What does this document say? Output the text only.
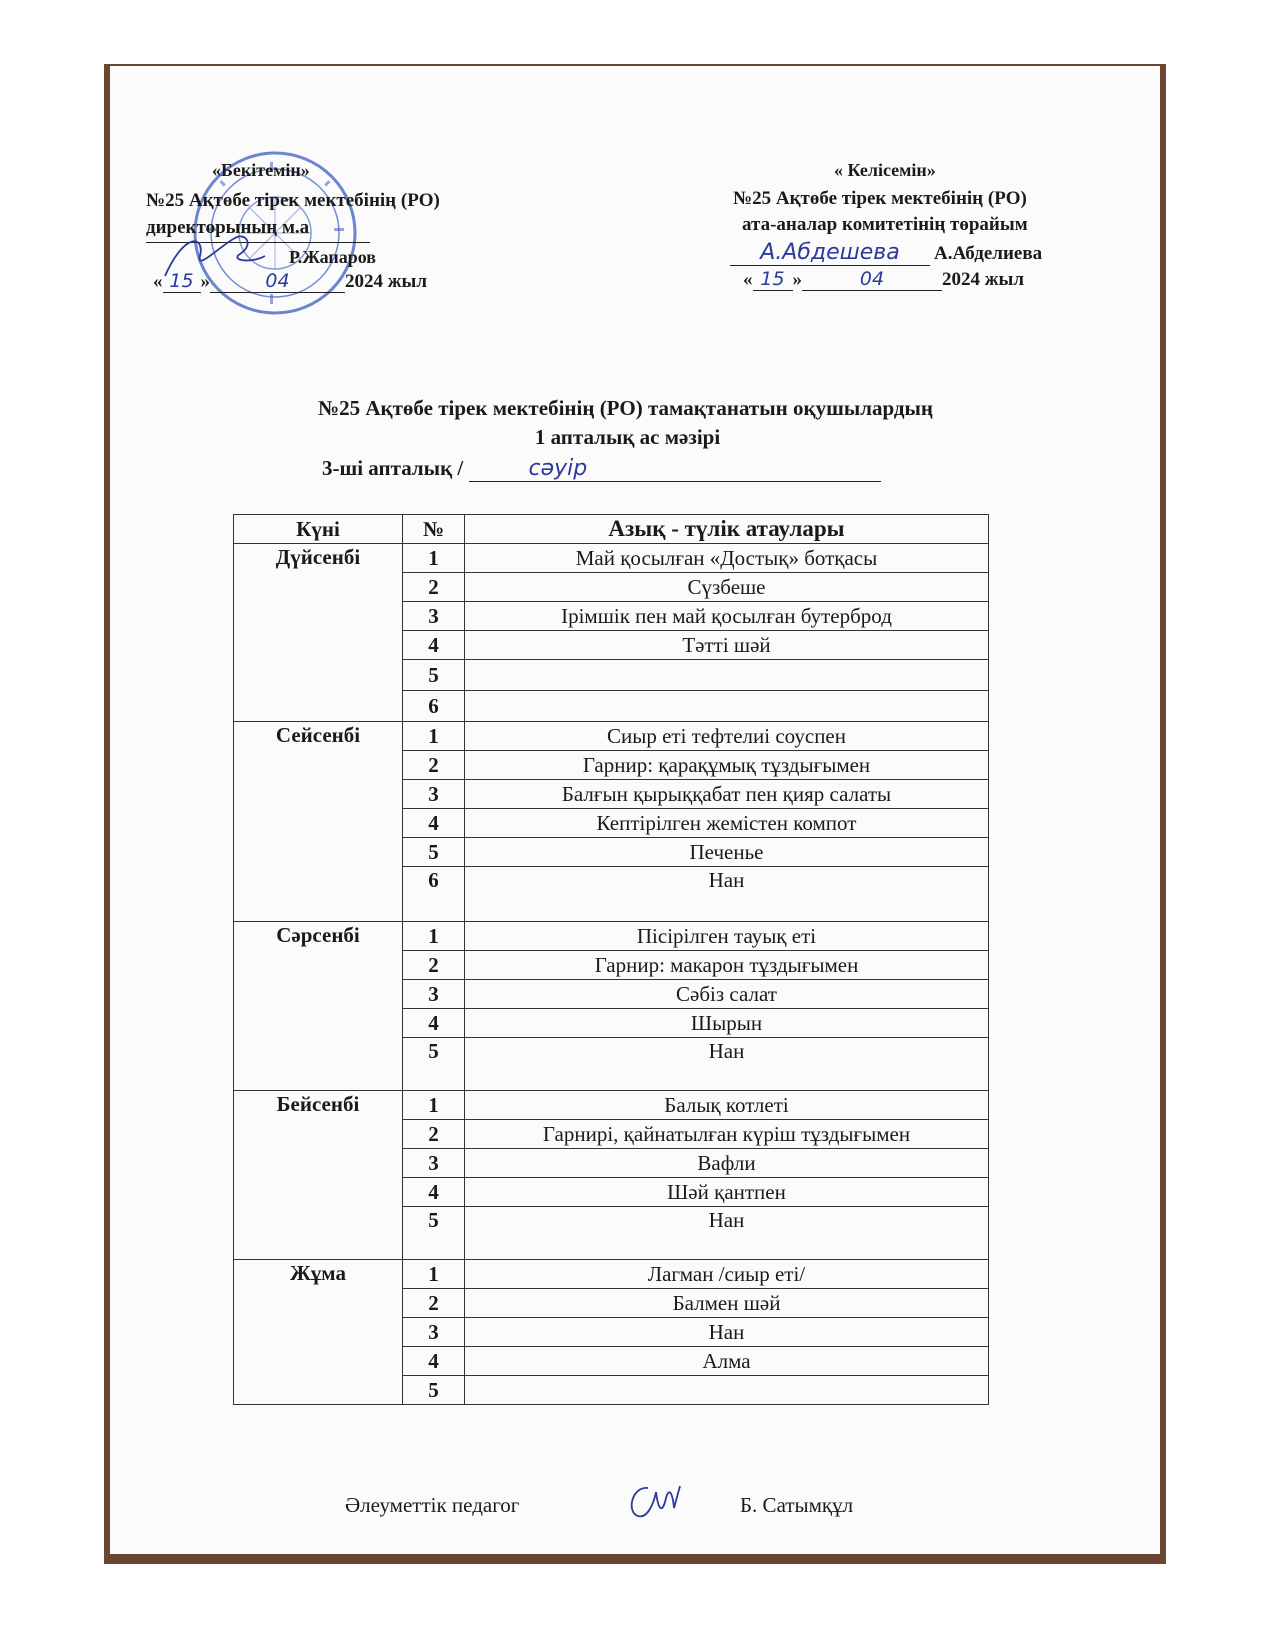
«Бекітемін»
№25 Ақтөбе тірек мектебінің (РО)
директорының м.а
Р.Жапаров
« 15 »	04	2024 жыл
« Келісемін»
№25 Ақтөбе тірек мектебінің (РО)
ата-аналар комитетінің төрайым
А.Абдешева А.Абделиева
« 15 »	04	2024 жыл
№25 Ақтөбе тірек мектебінің (РО) тамақтанатын оқушылардың
1 апталық ас мәзірі
3-ші апталық /	сәуір
Күні	№	Азық - түлік атаулары
Дүйсенбі	1	Май қосылған «Достық» ботқасы
	2	Сүзбеше
	3	Ірімшік пен май қосылған бутерброд
	4	Тәтті шәй
	5	
	6	
Сейсенбі	1	Сиыр еті тефтелиі соуспен
	2	Гарнир: қарақұмық тұздығымен
	3	Балғын қырыққабат пен қияр салаты
	4	Кептірілген жемістен компот
	5	Печенье
	6	Нан
Сәрсенбі	1	Пісірілген тауық еті
	2	Гарнир: макарон тұздығымен
	3	Сәбіз салат
	4	Шырын
	5	Нан
Бейсенбі	1	Балық котлеті
	2	Гарнирі, қайнатылған күріш тұздығымен
	3	Вафли
	4	Шәй қантпен
	5	Нан
Жұма	1	Лагман /сиыр еті/
	2	Балмен шәй
	3	Нан
	4	Алма
	5	
Әлеуметтік педагог	Б. Сатымқұл
